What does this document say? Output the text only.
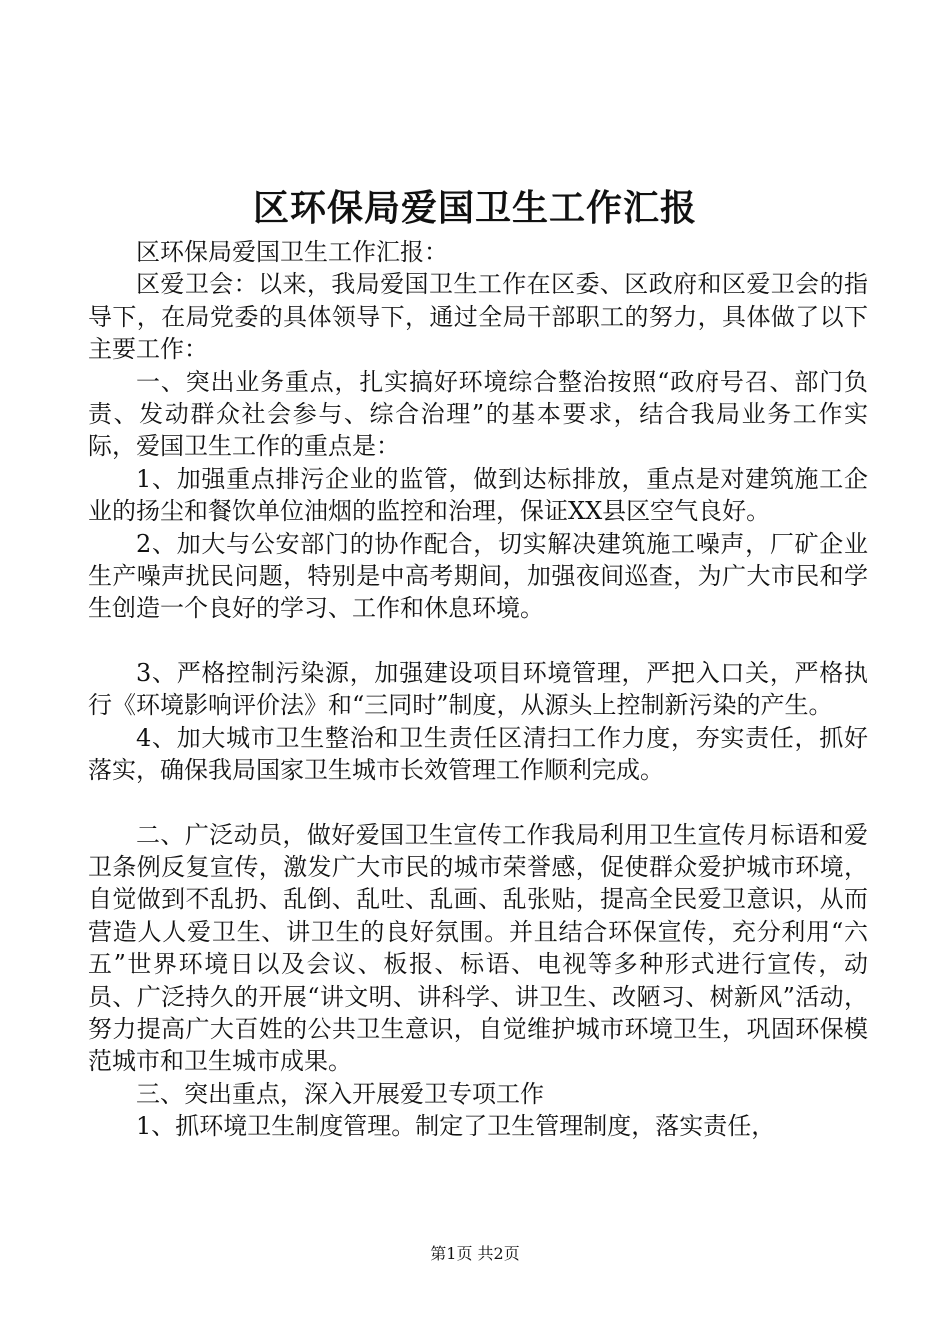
区环保局爱国卫生工作汇报

区环保局爱国卫生工作汇报：

区爱卫会：以来，我局爱国卫生工作在区委、区政府和区爱卫会的指导下，在局党委的具体领导下，通过全局干部职工的努力，具体做了以下主要工作：

一、突出业务重点，扎实搞好环境综合整治按照“政府号召、部门负责、发动群众社会参与、综合治理”的基本要求，结合我局业务工作实际，爱国卫生工作的重点是：

1、加强重点排污企业的监管，做到达标排放，重点是对建筑施工企业的扬尘和餐饮单位油烟的监控和治理，保证XX县区空气良好。

2、加大与公安部门的协作配合，切实解决建筑施工噪声，厂矿企业生产噪声扰民问题，特别是中高考期间，加强夜间巡查，为广大市民和学生创造一个良好的学习、工作和休息环境。

3、严格控制污染源，加强建设项目环境管理，严把入口关，严格执行《环境影响评价法》和“三同时”制度，从源头上控制新污染的产生。

4、加大城市卫生整治和卫生责任区清扫工作力度，夯实责任，抓好落实，确保我局国家卫生城市长效管理工作顺利完成。

二、广泛动员，做好爱国卫生宣传工作我局利用卫生宣传月标语和爱卫条例反复宣传，激发广大市民的城市荣誉感，促使群众爱护城市环境，自觉做到不乱扔、乱倒、乱吐、乱画、乱张贴，提高全民爱卫意识，从而营造人人爱卫生、讲卫生的良好氛围。并且结合环保宣传，充分利用“六五”世界环境日以及会议、板报、标语、电视等多种形式进行宣传，动员、广泛持久的开展“讲文明、讲科学、讲卫生、改陋习、树新风”活动，努力提高广大百姓的公共卫生意识，自觉维护城市环境卫生，巩固环保模范城市和卫生城市成果。

三、突出重点，深入开展爱卫专项工作

1、抓环境卫生制度管理。制定了卫生管理制度，落实责任，

第1页 共2页
